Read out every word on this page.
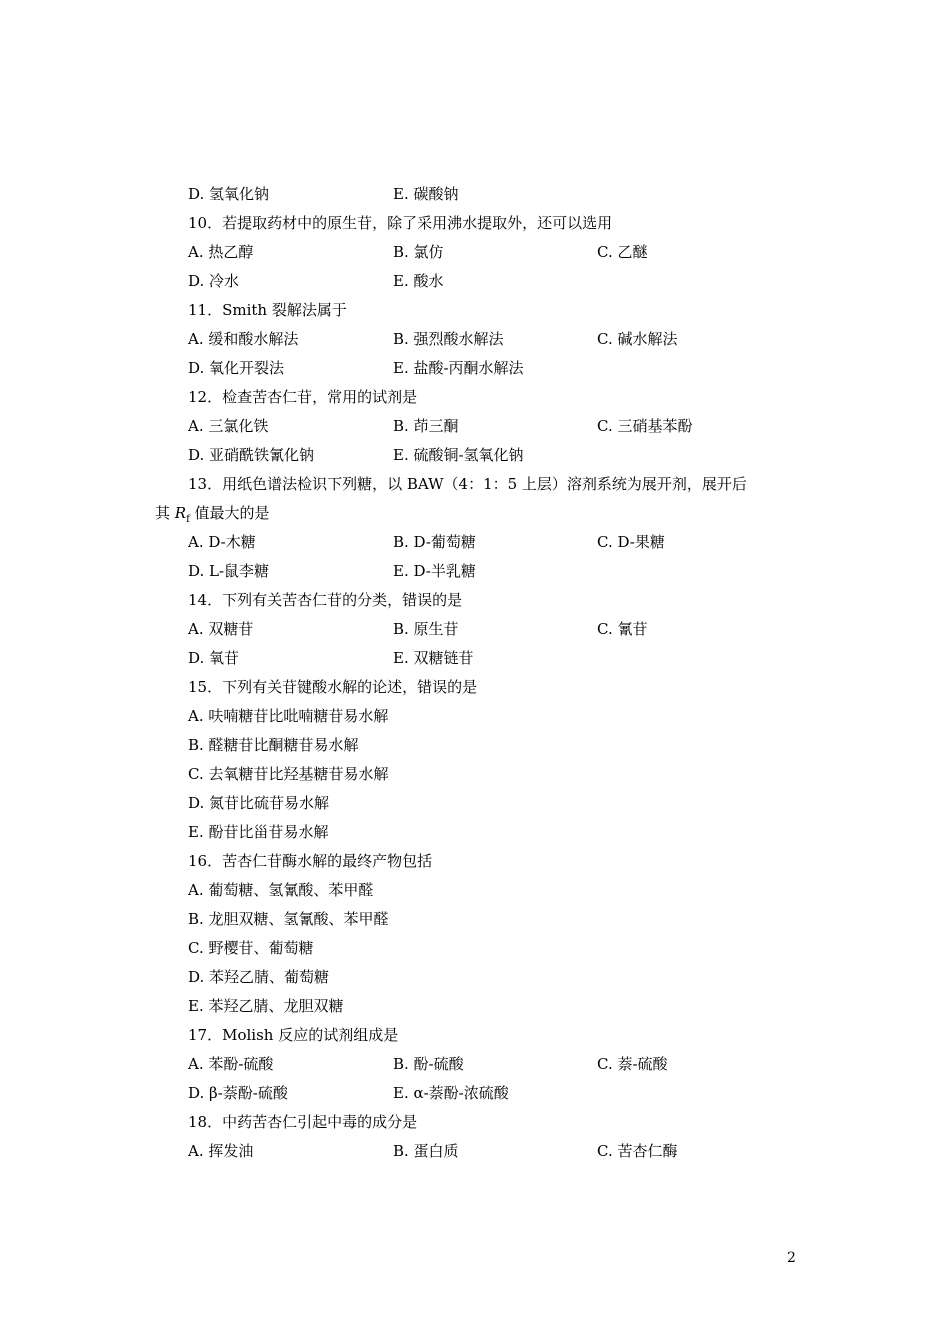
D. 氢氧化钠	E. 碳酸钠
10．若提取药材中的原生苷，除了采用沸水提取外，还可以选用
A. 热乙醇	B. 氯仿	C. 乙醚
D. 冷水	E. 酸水
11．Smith 裂解法属于
A. 缓和酸水解法	B. 强烈酸水解法	C. 碱水解法
D. 氧化开裂法	E. 盐酸-丙酮水解法
12．检查苦杏仁苷，常用的试剂是
A. 三氯化铁	B. 茚三酮	C. 三硝基苯酚
D. 亚硝酰铁氰化钠	E. 硫酸铜-氢氧化钠
13．用纸色谱法检识下列糖，以 BAW（4：1：5 上层）溶剂系统为展开剂，展开后
其 $R_f$ 值最大的是
A. D-木糖	B. D-葡萄糖	C. D-果糖
D. L-鼠李糖	E. D-半乳糖
14．下列有关苦杏仁苷的分类，错误的是
A. 双糖苷	B. 原生苷	C. 氰苷
D. 氧苷	E. 双糖链苷
15．下列有关苷键酸水解的论述，错误的是
A. 呋喃糖苷比吡喃糖苷易水解
B. 醛糖苷比酮糖苷易水解
C. 去氧糖苷比羟基糖苷易水解
D. 氮苷比硫苷易水解
E. 酚苷比甾苷易水解
16．苦杏仁苷酶水解的最终产物包括
A. 葡萄糖、氢氰酸、苯甲醛
B. 龙胆双糖、氢氰酸、苯甲醛
C. 野樱苷、葡萄糖
D. 苯羟乙腈、葡萄糖
E. 苯羟乙腈、龙胆双糖
17．Molish 反应的试剂组成是
A. 苯酚-硫酸	B. 酚-硫酸	C. 萘-硫酸
D. β-萘酚-硫酸	E. α-萘酚-浓硫酸
18．中药苦杏仁引起中毒的成分是
A. 挥发油	B. 蛋白质	C. 苦杏仁酶
2
